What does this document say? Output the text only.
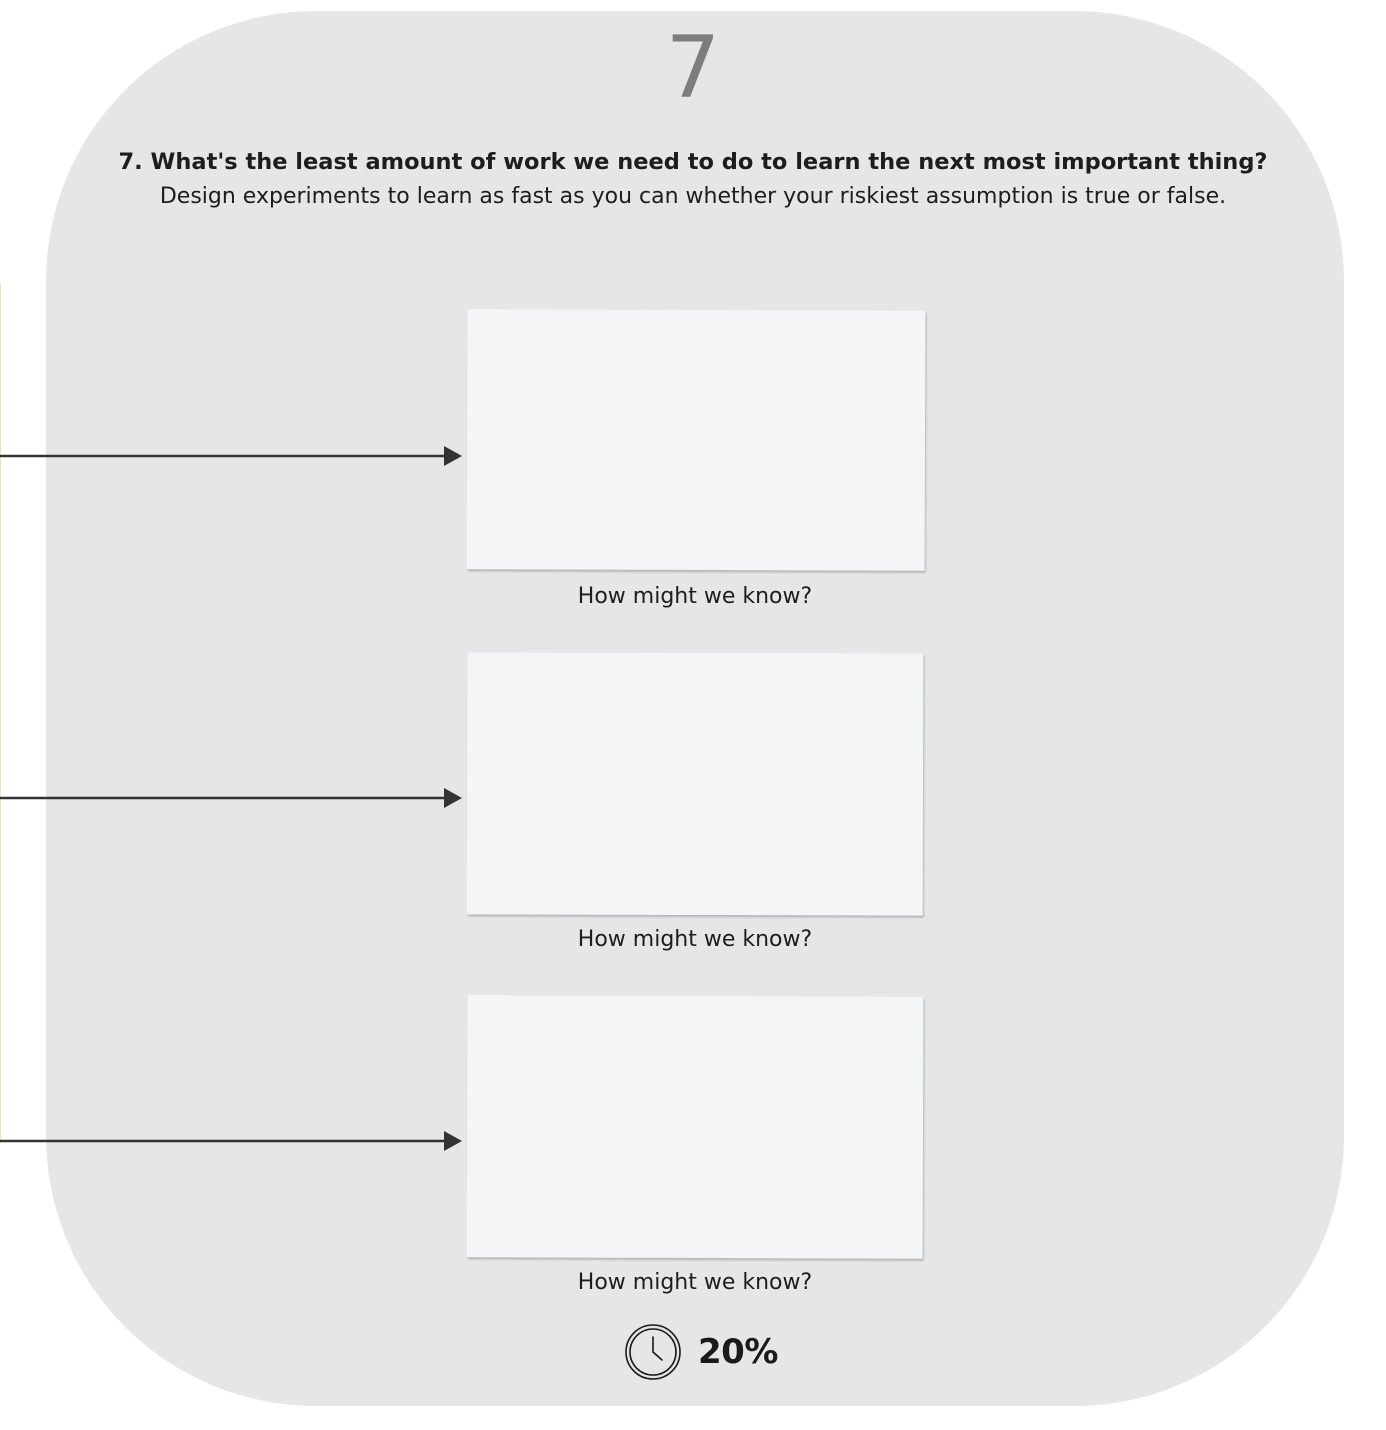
7
7. What's the least amount of work we need to do to learn the next most important thing?
Design experiments to learn as fast as you can whether your riskiest assumption is true or false.
How might we know?
How might we know?
How might we know?
20%
